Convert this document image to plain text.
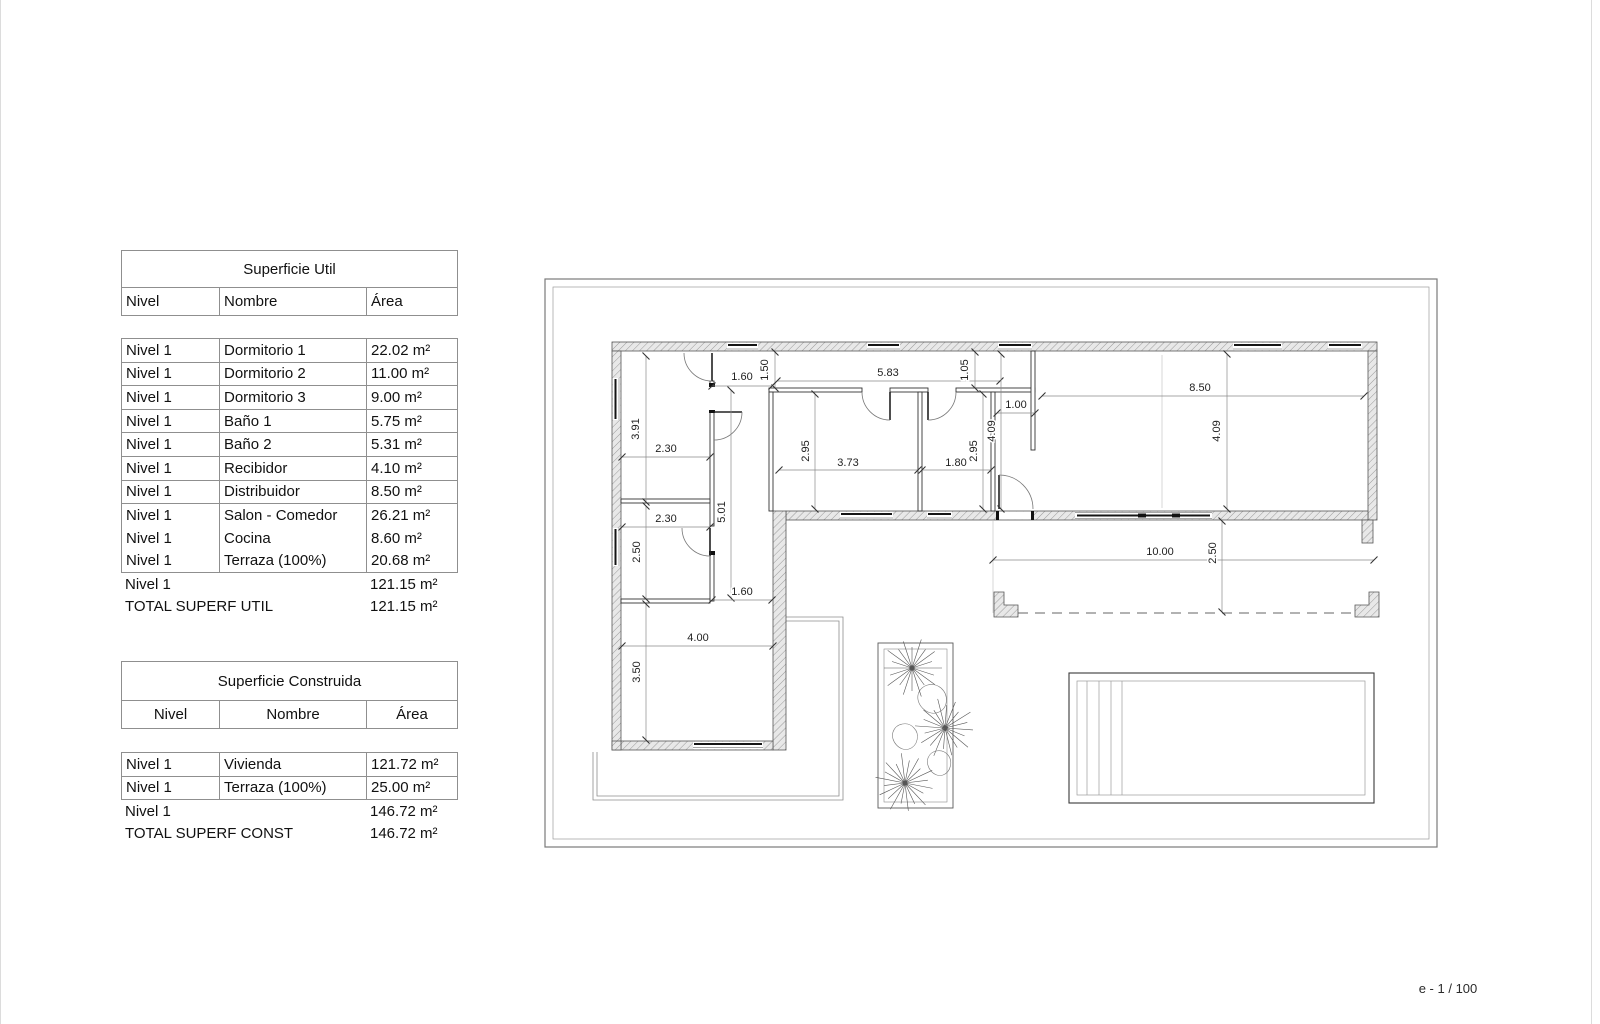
Superficie Util
Nivel	Nombre	Área
Nivel 1	Dormitorio 1	22.02 m²
Nivel 1	Dormitorio 2	11.00 m²
Nivel 1	Dormitorio 3	9.00 m²
Nivel 1	Baño 1	5.75 m²
Nivel 1	Baño 2	5.31 m²
Nivel 1	Recibidor	4.10 m²
Nivel 1	Distribuidor	8.50 m²
Nivel 1	Salon - Comedor	26.21 m²
Nivel 1	Cocina	8.60 m²
Nivel 1	Terraza (100%)	20.68 m²
Nivel 1	121.15 m²
TOTAL SUPERF UTIL	121.15 m²
Superficie Construida
Nivel	Nombre	Área
Nivel 1	Vivienda	121.72 m²
Nivel 1	Terraza (100%)	25.00 m²
Nivel 1	146.72 m²
TOTAL SUPERF CONST	146.72 m²
1.60 1.50	5.83	1.05
8.50
1.00
4.09	4.09
3.91
2.30	2.95
3.73	1.80
2.95
5.01
2.30
2.50
1.60
10.00	2.50
4.00
3.50
e - 1 / 100
